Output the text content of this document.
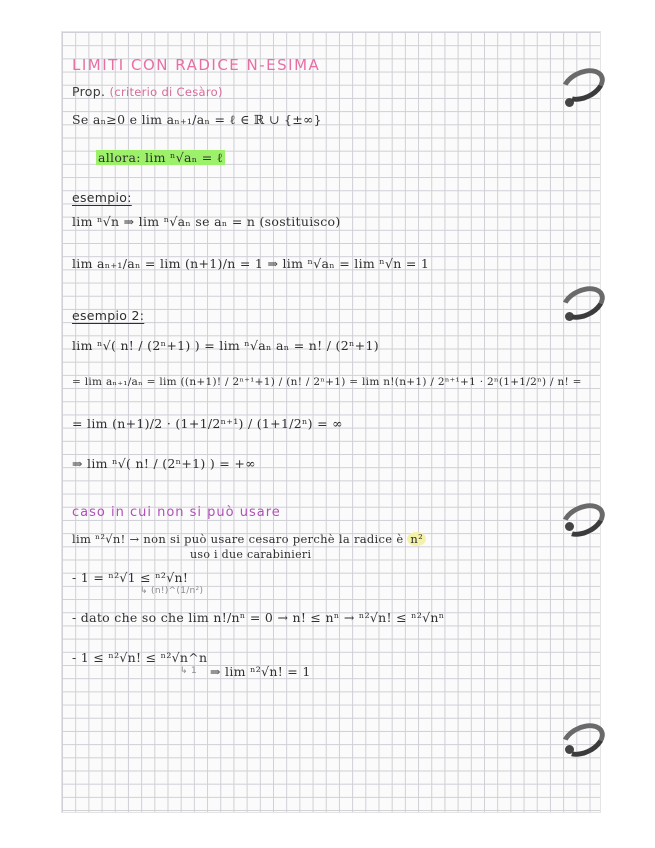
LIMITI CON RADICE N-ESIMA
Prop. (criterio di Cesàro)
Se aₙ≥0 e lim aₙ₊₁/aₙ = ℓ ∈ ℝ ∪ {±∞}
allora: lim ⁿ√aₙ = ℓ
esempio:
lim ⁿ√n ⇒ lim ⁿ√aₙ se aₙ = n (sostituisco)
lim aₙ₊₁/aₙ = lim (n+1)/n = 1 ⇒ lim ⁿ√aₙ = lim ⁿ√n = 1
esempio 2:
lim ⁿ√( n! / (2ⁿ+1) ) = lim ⁿ√aₙ aₙ = n! / (2ⁿ+1)
= lim aₙ₊₁/aₙ = lim ((n+1)! / 2ⁿ⁺¹+1) / (n! / 2ⁿ+1) = lim n!(n+1) / 2ⁿ⁺¹+1 · 2ⁿ(1+1/2ⁿ) / n! =
= lim (n+1)/2 · (1+1/2ⁿ⁺¹) / (1+1/2ⁿ) = ∞
⇒ lim ⁿ√( n! / (2ⁿ+1) ) = +∞
caso in cui non si può usare
lim ⁿ²√n! → non si può usare cesaro perchè la radice è n²
uso i due carabinieri
- 1 = ⁿ²√1 ≤ ⁿ²√n!
↳ (n!)^(1/n²)
- dato che so che lim n!/nⁿ = 0 → n! ≤ nⁿ → ⁿ²√n! ≤ ⁿ²√nⁿ
- 1 ≤ ⁿ²√n! ≤ ⁿ²√n^n
↳ 1 ⇒ lim ⁿ²√n! = 1
